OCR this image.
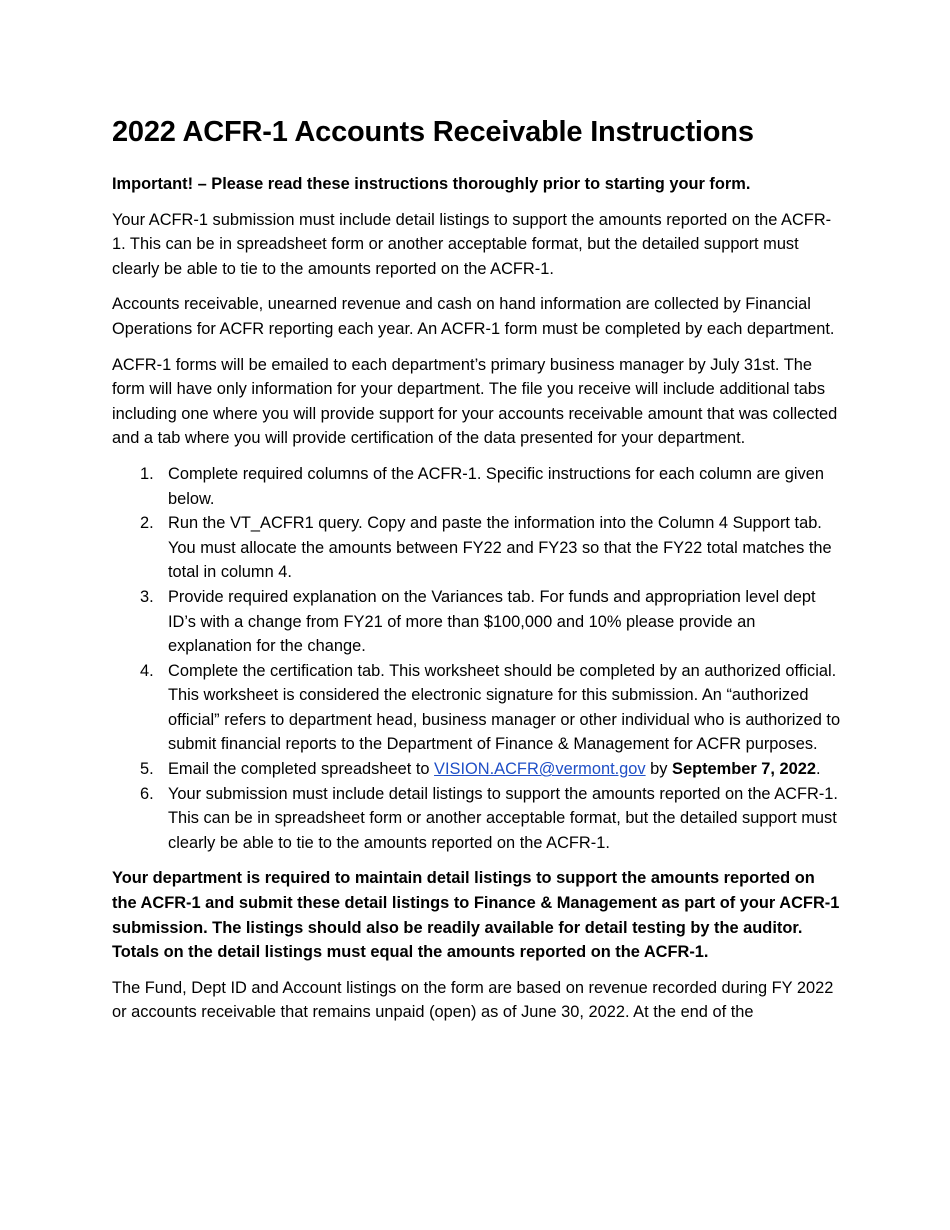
2022 ACFR-1 Accounts Receivable Instructions

Important! – Please read these instructions thoroughly prior to starting your form.

Your ACFR-1 submission must include detail listings to support the amounts reported on the ACFR-1. This can be in spreadsheet form or another acceptable format, but the detailed support must clearly be able to tie to the amounts reported on the ACFR-1.

Accounts receivable, unearned revenue and cash on hand information are collected by Financial Operations for ACFR reporting each year. An ACFR-1 form must be completed by each department.

ACFR-1 forms will be emailed to each department’s primary business manager by July 31st. The form will have only information for your department. The file you receive will include additional tabs including one where you will provide support for your accounts receivable amount that was collected and a tab where you will provide certification of the data presented for your department.

1. Complete required columns of the ACFR-1. Specific instructions for each column are given below.
2. Run the VT_ACFR1 query. Copy and paste the information into the Column 4 Support tab. You must allocate the amounts between FY22 and FY23 so that the FY22 total matches the total in column 4.
3. Provide required explanation on the Variances tab. For funds and appropriation level dept ID’s with a change from FY21 of more than $100,000 and 10% please provide an explanation for the change.
4. Complete the certification tab. This worksheet should be completed by an authorized official. This worksheet is considered the electronic signature for this submission. An “authorized official” refers to department head, business manager or other individual who is authorized to submit financial reports to the Department of Finance & Management for ACFR purposes.
5. Email the completed spreadsheet to VISION.ACFR@vermont.gov by September 7, 2022.
6. Your submission must include detail listings to support the amounts reported on the ACFR-1. This can be in spreadsheet form or another acceptable format, but the detailed support must clearly be able to tie to the amounts reported on the ACFR-1.

Your department is required to maintain detail listings to support the amounts reported on the ACFR-1 and submit these detail listings to Finance & Management as part of your ACFR-1 submission. The listings should also be readily available for detail testing by the auditor. Totals on the detail listings must equal the amounts reported on the ACFR-1.

The Fund, Dept ID and Account listings on the form are based on revenue recorded during FY 2022 or accounts receivable that remains unpaid (open) as of June 30, 2022. At the end of the
